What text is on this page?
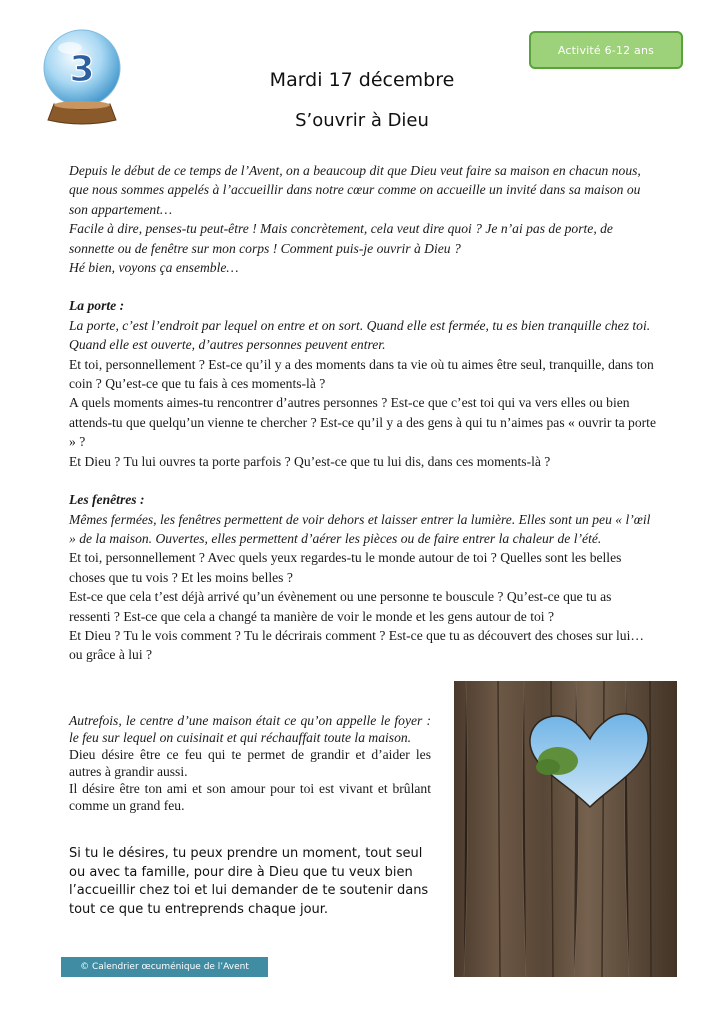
Activité 6-12 ans
3	Mardi 17 décembre
S’ouvrir à Dieu

Depuis le début de ce temps de l’Avent, on a beaucoup dit que Dieu veut faire sa maison en chacun nous, que nous sommes appelés à l’accueillir dans notre cœur comme on accueille un invité dans sa maison ou son appartement…

Facile à dire, penses-tu peut-être ! Mais concrètement, cela veut dire quoi ? Je n’ai pas de porte, de sonnette ou de fenêtre sur mon corps ! Comment puis-je ouvrir à Dieu ?

Hé bien, voyons ça ensemble…

La porte :

La porte, c’est l’endroit par lequel on entre et on sort. Quand elle est fermée, tu es bien tranquille chez toi. Quand elle est ouverte, d’autres personnes peuvent entrer.

Et toi, personnellement ? Est-ce qu’il y a des moments dans ta vie où tu aimes être seul, tranquille, dans ton coin ? Qu’est-ce que tu fais à ces moments-là ?

A quels moments aimes-tu rencontrer d’autres personnes ? Est-ce que c’est toi qui va vers elles ou bien attends-tu que quelqu’un vienne te chercher ? Est-ce qu’il y a des gens à qui tu n’aimes pas « ouvrir ta porte » ?

Et Dieu ? Tu lui ouvres ta porte parfois ? Qu’est-ce que tu lui dis, dans ces moments-là ?

Les fenêtres :

Mêmes fermées, les fenêtres permettent de voir dehors et laisser entrer la lumière. Elles sont un peu « l’œil » de la maison. Ouvertes, elles permettent d’aérer les pièces ou de faire entrer la chaleur de l’été.

Et toi, personnellement ? Avec quels yeux regardes-tu le monde autour de toi ? Quelles sont les belles choses que tu vois ? Et les moins belles ?

Est-ce que cela t’est déjà arrivé qu’un évènement ou une personne te bouscule ? Qu’est-ce que tu as ressenti ? Est-ce que cela a changé ta manière de voir le monde et les gens autour de toi ?

Et Dieu ? Tu le vois comment ? Tu le décrirais comment ? Est-ce que tu as découvert des choses sur lui… ou grâce à lui ?

Autrefois, le centre d’une maison était ce qu’on appelle le foyer : le feu sur lequel on cuisinait et qui réchauffait toute la maison.

Dieu désire être ce feu qui te permet de grandir et d’aider les autres à grandir aussi.

Il désire être ton ami et son amour pour toi est vivant et brûlant comme un grand feu.

Si tu le désires, tu peux prendre un moment, tout seul ou avec ta famille, pour dire à Dieu que tu veux bien l’accueillir chez toi et lui demander de te soutenir dans tout ce que tu entreprends chaque jour.
© Calendrier œcuménique de l’Avent
